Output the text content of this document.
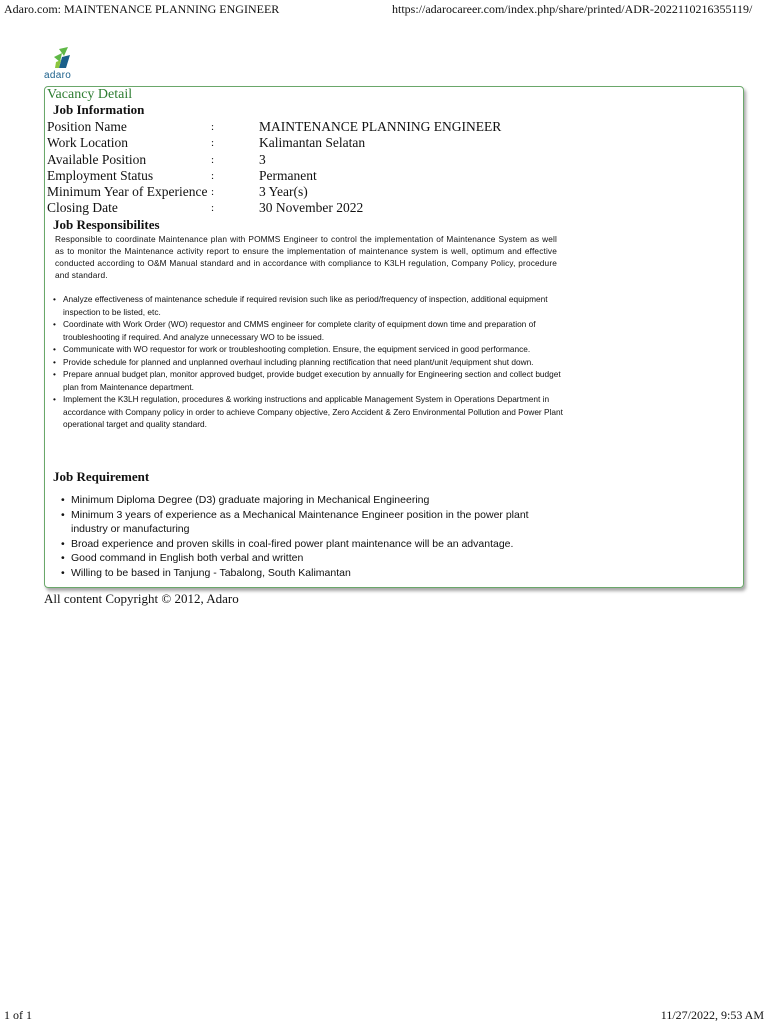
Adaro.com: MAINTENANCE PLANNING ENGINEER	https://adarocareer.com/index.php/share/printed/ADR-2022110216355119/
adaro
Vacancy Detail
Job Information
Position Name	:	MAINTENANCE PLANNING ENGINEER
Work Location	:	Kalimantan Selatan
Available Position	:	3
Employment Status	:	Permanent
Minimum Year of Experience :	3 Year(s)
Closing Date	:	30 November 2022
Job Responsibilites
Responsible to coordinate Maintenance plan with POMMS Engineer to control the implementation of Maintenance System as well as to monitor the Maintenance activity report to ensure the implementation of maintenance system is well, optimum and effective conducted according to O&M Manual standard and in accordance with compliance to K3LH regulation, Company Policy, procedure and standard.
• Analyze effectiveness of maintenance schedule if required revision such like as period/frequency of inspection, additional equipment inspection to be listed, etc.
• Coordinate with Work Order (WO) requestor and CMMS engineer for complete clarity of equipment down time and preparation of troubleshooting if required. And analyze unnecessary WO to be issued.
• Communicate with WO requestor for work or troubleshooting completion. Ensure, the equipment serviced in good performance.
• Provide schedule for planned and unplanned overhaul including planning rectification that need plant/unit /equipment shut down.
• Prepare annual budget plan, monitor approved budget, provide budget execution by annually for Engineering section and collect budget plan from Maintenance department.
• Implement the K3LH regulation, procedures & working instructions and applicable Management System in Operations Department in accordance with Company policy in order to achieve Company objective, Zero Accident & Zero Environmental Pollution and Power Plant operational target and quality standard.
Job Requirement
• Minimum Diploma Degree (D3) graduate majoring in Mechanical Engineering
• Minimum 3 years of experience as a Mechanical Maintenance Engineer position in the power plant industry or manufacturing
• Broad experience and proven skills in coal-fired power plant maintenance will be an advantage.
• Good command in English both verbal and written
• Willing to be based in Tanjung - Tabalong, South Kalimantan
All content Copyright © 2012, Adaro
1 of 1	11/27/2022, 9:53 AM
